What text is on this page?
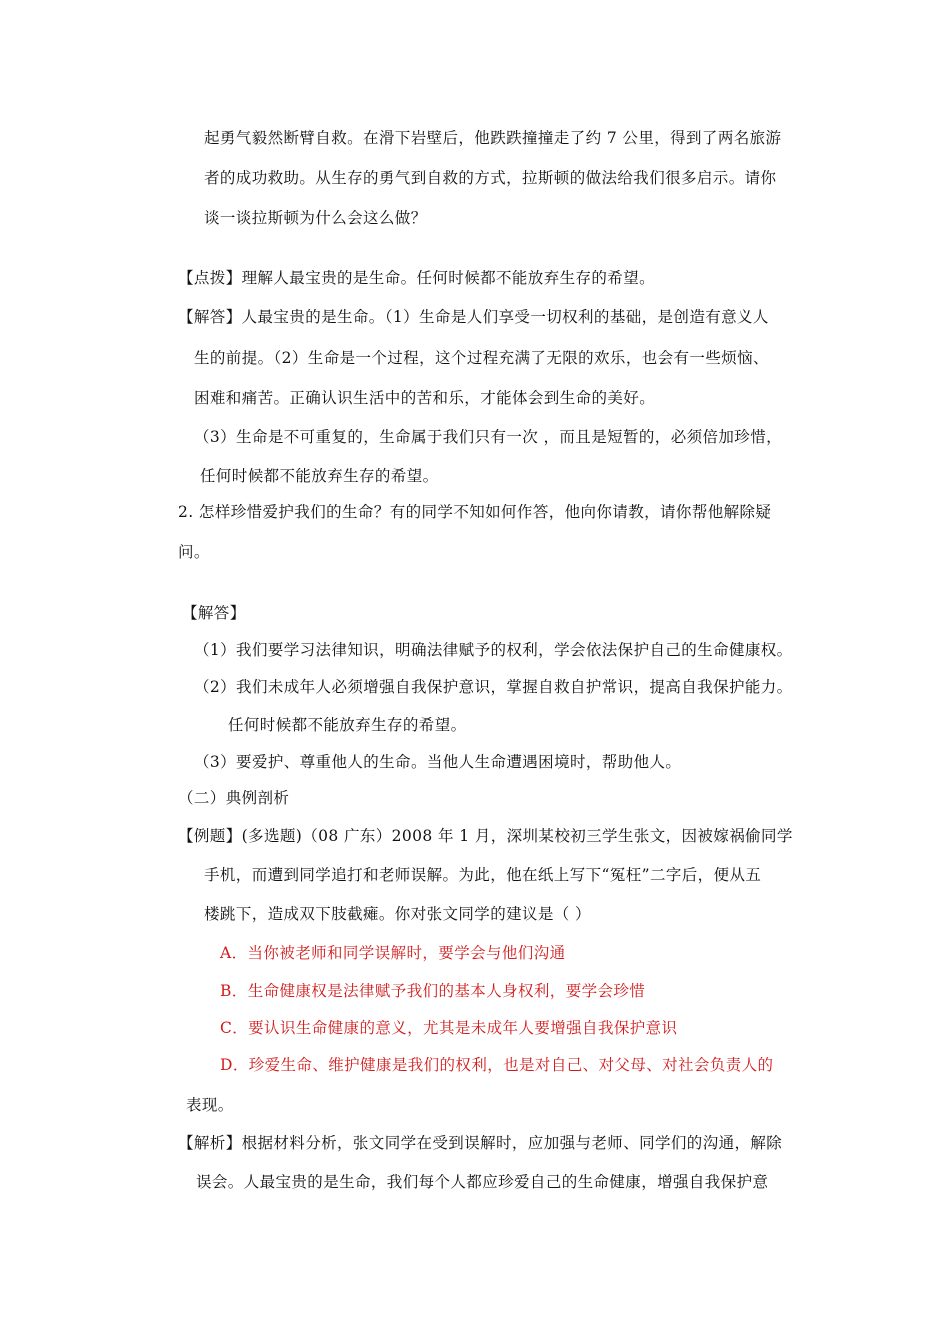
起勇气毅然断臂自救。在滑下岩壁后，他跌跌撞撞走了约 7 公里，得到了两名旅游
者的成功救助。从生存的勇气到自救的方式，拉斯顿的做法给我们很多启示。请你
谈一谈拉斯顿为什么会这么做？
【点拨】理解人最宝贵的是生命。任何时候都不能放弃生存的希望。
【解答】人最宝贵的是生命。（1）生命是人们享受一切权利的基础，是创造有意义人
生的前提。（2）生命是一个过程，这个过程充满了无限的欢乐，也会有一些烦恼、
困难和痛苦。正确认识生活中的苦和乐，才能体会到生命的美好。
（3）生命是不可重复的，生命属于我们只有一次 ，而且是短暂的，必须倍加珍惜，
任何时候都不能放弃生存的希望。
2. 怎样珍惜爱护我们的生命？有的同学不知如何作答，他向你请教，请你帮他解除疑
问。
【解答】
（1）我们要学习法律知识，明确法律赋予的权利，学会依法保护自己的生命健康权。
（2）我们未成年人必须增强自我保护意识，掌握自救自护常识，提高自我保护能力。
任何时候都不能放弃生存的希望。
（3）要爱护、尊重他人的生命。当他人生命遭遇困境时，帮助他人。
（二）典例剖析
【例题】(多选题)（08 广东）2008 年 1 月，深圳某校初三学生张文，因被嫁祸偷同学
手机，而遭到同学追打和老师误解。为此，他在纸上写下“冤枉”二字后，便从五
楼跳下，造成双下肢截瘫。你对张文同学的建议是（ ）
A．当你被老师和同学误解时，要学会与他们沟通
B．生命健康权是法律赋予我们的基本人身权利，要学会珍惜
C．要认识生命健康的意义，尤其是未成年人要增强自我保护意识
D．珍爱生命、维护健康是我们的权利，也是对自己、对父母、对社会负责人的
表现。
【解析】根据材料分析，张文同学在受到误解时，应加强与老师、同学们的沟通，解除
误会。人最宝贵的是生命，我们每个人都应珍爱自己的生命健康，增强自我保护意
